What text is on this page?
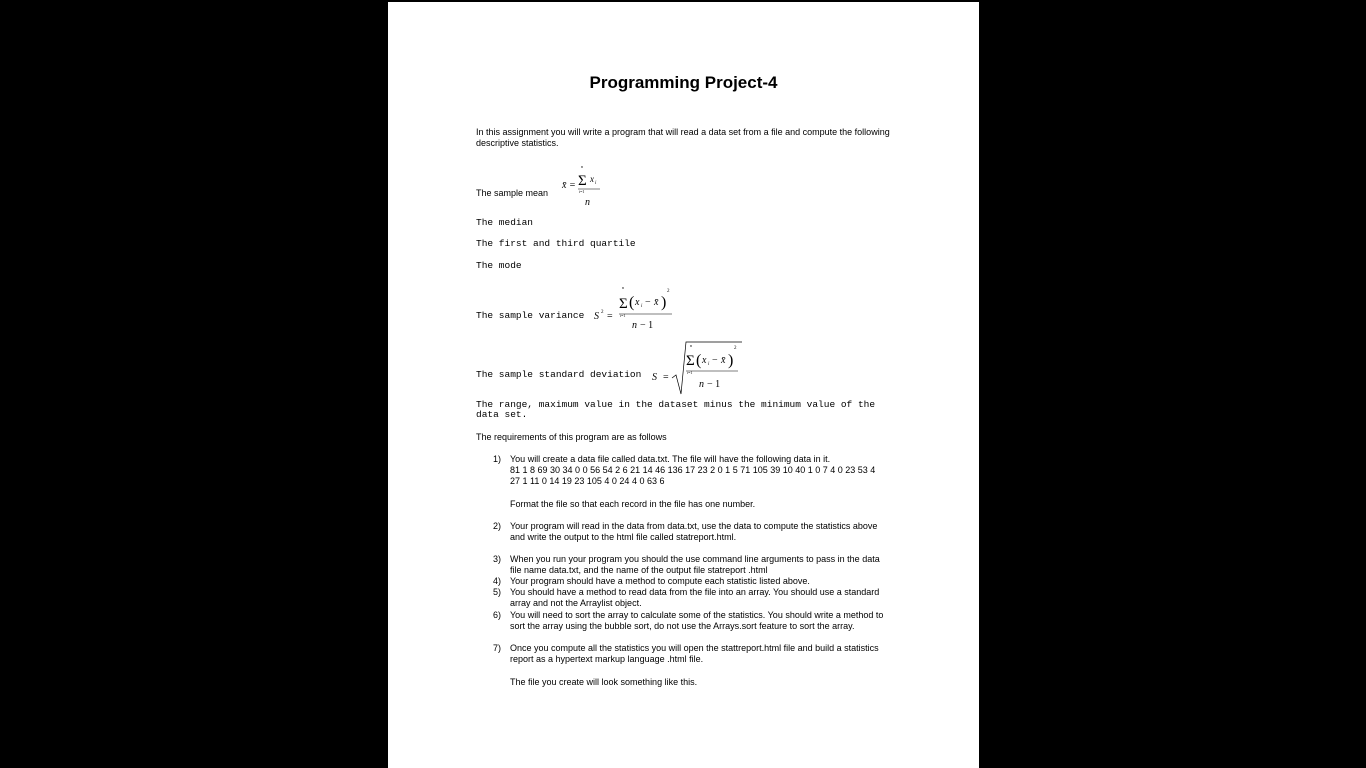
Programming Project-4
In this assignment you will write a program that will read a data set from a file and compute the following descriptive statistics.
The sample mean
x̄ =
n
Σ x i
i=1
n
The median
The first and third quartile
The mode
The sample variance S 2 =
n
Σ ( x i − x̄ )
2
i=1
n − 1
The sample standard deviation S =
n
Σ ( x i − x̄ )
2
i=1
n − 1
The range, maximum value in the dataset minus the minimum value of the data set.
The requirements of this program are as follows
1) You will create a data file called data.txt. The file will have the following data in it.
81 1 8 69 30 34 0 0 56 54 2 6 21 14 46 136 17 23 2 0 1 5 71 105 39 10 40 1 0 7 4 0 23 53 4 27 1 11 0 14 19 23 105 4 0 24 4 0 63 6
Format the file so that each record in the file has one number.
2) Your program will read in the data from data.txt, use the data to compute the statistics above and write the output to the html file called statreport.html.
3) When you run your program you should the use command line arguments to pass in the data file name data.txt, and the name of the output file statreport .html
4) Your program should have a method to compute each statistic listed above.
5) You should have a method to read data from the file into an array. You should use a standard array and not the Arraylist object.
6) You will need to sort the array to calculate some of the statistics. You should write a method to sort the array using the bubble sort, do not use the Arrays.sort feature to sort the array.
7) Once you compute all the statistics you will open the stattreport.html file and build a statistics report as a hypertext markup language .html file.
The file you create will look something like this.
